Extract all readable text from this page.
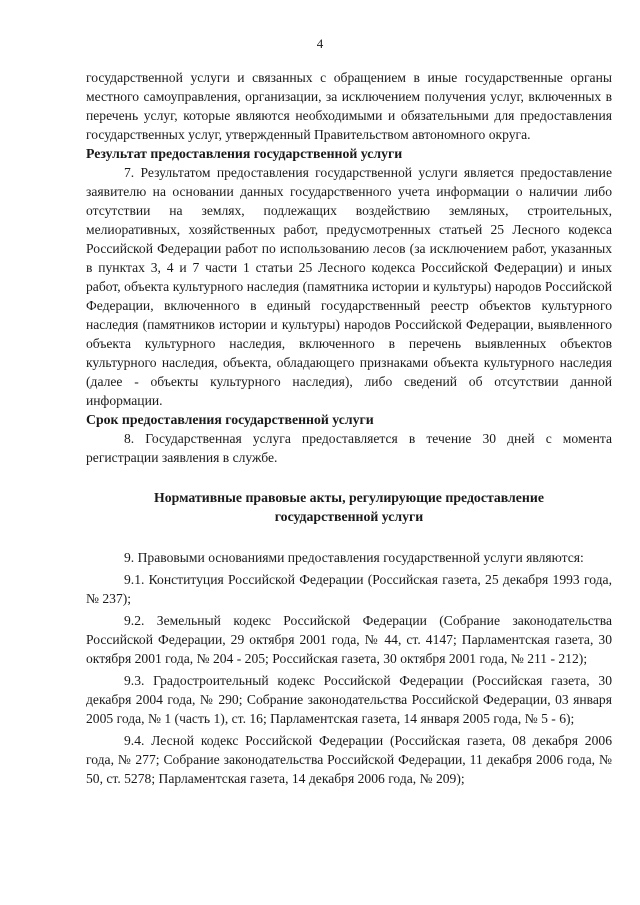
4

государственной услуги и связанных с обращением в иные государственные органы местного самоуправления, организации, за исключением получения услуг, включенных в перечень услуг, которые являются необходимыми и обязательными для предоставления государственных услуг, утвержденный Правительством автономного округа.

Результат предоставления государственной услуги

7. Результатом предоставления государственной услуги является предоставление заявителю на основании данных государственного учета информации о наличии либо отсутствии на землях, подлежащих воздействию земляных, строительных, мелиоративных, хозяйственных работ, предусмотренных статьей 25 Лесного кодекса Российской Федерации работ по использованию лесов (за исключением работ, указанных в пунктах 3, 4 и 7 части 1 статьи 25 Лесного кодекса Российской Федерации) и иных работ, объекта культурного наследия (памятника истории и культуры) народов Российской Федерации, включенного в единый государственный реестр объектов культурного наследия (памятников истории и культуры) народов Российской Федерации, выявленного объекта культурного наследия, включенного в перечень выявленных объектов культурного наследия, объекта, обладающего признаками объекта культурного наследия (далее - объекты культурного наследия), либо сведений об отсутствии данной информации.

Срок предоставления государственной услуги

8. Государственная услуга предоставляется в течение 30 дней с момента регистрации заявления в службе.

Нормативные правовые акты, регулирующие предоставление
государственной услуги

9. Правовыми основаниями предоставления государственной услуги являются:

9.1. Конституция Российской Федерации (Российская газета, 25 декабря 1993 года, № 237);

9.2. Земельный кодекс Российской Федерации (Собрание законодательства Российской Федерации, 29 октября 2001 года, № 44, ст. 4147; Парламентская газета, 30 октября 2001 года, № 204 - 205; Российская газета, 30 октября 2001 года, № 211 - 212);

9.3. Градостроительный кодекс Российской Федерации (Российская газета, 30 декабря 2004 года, № 290; Собрание законодательства Российской Федерации, 03 января 2005 года, № 1 (часть 1), ст. 16; Парламентская газета, 14 января 2005 года, № 5 - 6);

9.4. Лесной кодекс Российской Федерации (Российская газета, 08 декабря 2006 года, № 277; Собрание законодательства Российской Федерации, 11 декабря 2006 года, № 50, ст. 5278; Парламентская газета, 14 декабря 2006 года, № 209);
